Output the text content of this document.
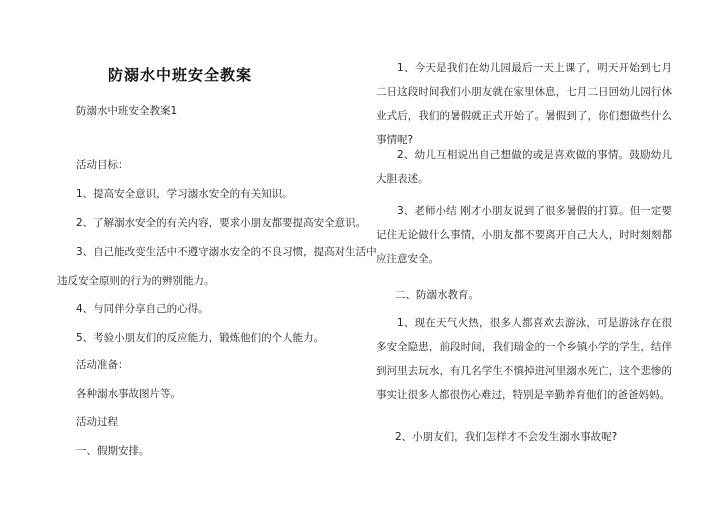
防溺水中班安全教案
防溺水中班安全教案1
活动目标：
1、提高安全意识，学习溺水安全的有关知识。
2、了解溺水安全的有关内容，要求小朋友都要提高安全意识。
3、自己能改变生活中不遵守溺水安全的不良习惯，提高对生活中
违反安全原则的行为的辨别能力。
4、与同伴分享自己的心得。
5、考验小朋友们的反应能力，锻炼他们的个人能力。
活动准备：
各种溺水事故图片等。
活动过程
一、假期安排。
1、今天是我们在幼儿园最后一天上课了，明天开始到七月二日这段时间我们小朋友就在家里休息，七月二日回幼儿园行休业式后，我们的暑假就正式开始了。暑假到了，你们想做些什么事情呢?
2、幼儿互相说出自己想做的或是喜欢做的事情。鼓励幼儿大胆表述。
3、老师小结 刚才小朋友说到了很多暑假的打算。但一定要记住无论做什么事情，小朋友都不要离开自己大人，时时刻刻都应注意安全。
二、防溺水教育。
1、现在天气火热，很多人都喜欢去游泳，可是游泳存在很多安全隐患，前段时间，我们瑞金的一个乡镇小学的学生，结伴到河里去玩水，有几名学生不慎掉进河里溺水死亡，这个悲惨的事实让很多人都很伤心难过，特别是辛勤养育他们的爸爸妈妈。
2、小朋友们，我们怎样才不会发生溺水事故呢?
